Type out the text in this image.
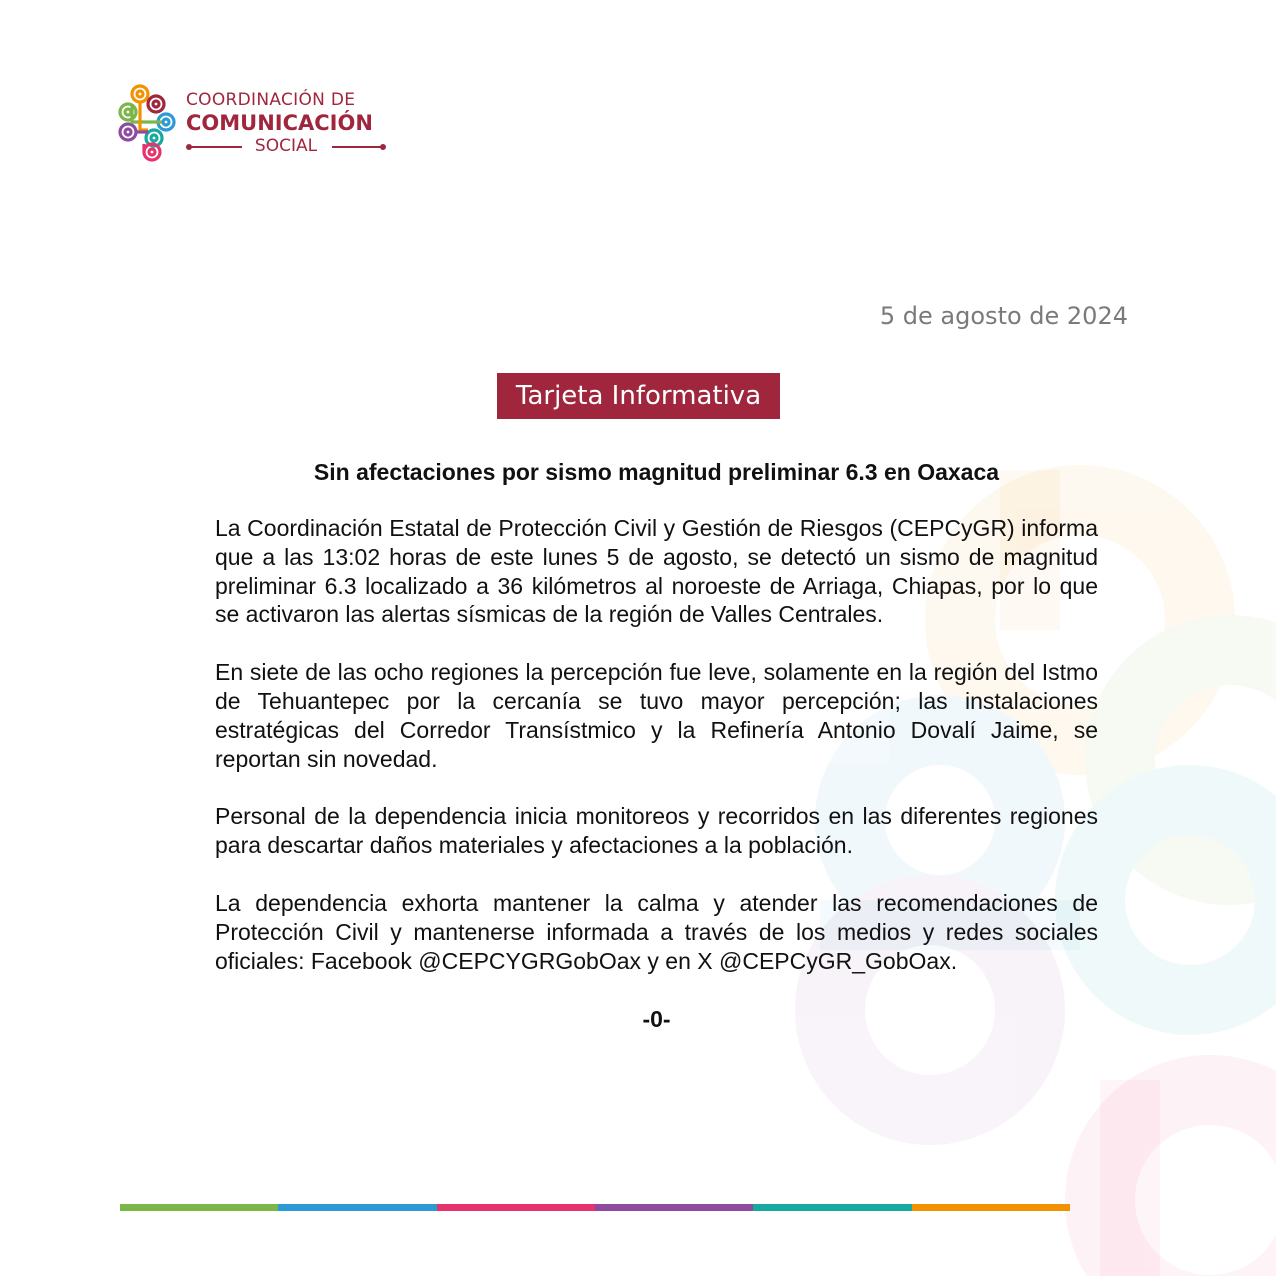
COORDINACIÓN DE
COMUNICACIÓN
SOCIAL
5 de agosto de 2024
Tarjeta Informativa
Sin afectaciones por sismo magnitud preliminar 6.3 en Oaxaca

La Coordinación Estatal de Protección Civil y Gestión de Riesgos (CEPCyGR) informa que a las 13:02 horas de este lunes 5 de agosto, se detectó un sismo de magnitud preliminar 6.3 localizado a 36 kilómetros al noroeste de Arriaga, Chiapas, por lo que se activaron las alertas sísmicas de la región de Valles Centrales.

En siete de las ocho regiones la percepción fue leve, solamente en la región del Istmo de Tehuantepec por la cercanía se tuvo mayor percepción; las instalaciones estratégicas del Corredor Transístmico y la Refinería Antonio Dovalí Jaime, se reportan sin novedad.

Personal de la dependencia inicia monitoreos y recorridos en las diferentes regiones para descartar daños materiales y afectaciones a la población.

La dependencia exhorta mantener la calma y atender las recomendaciones de Protección Civil y mantenerse informada a través de los medios y redes sociales oficiales: Facebook @CEPCYGRGobOax y en X @CEPCyGR_GobOax.

-0-
